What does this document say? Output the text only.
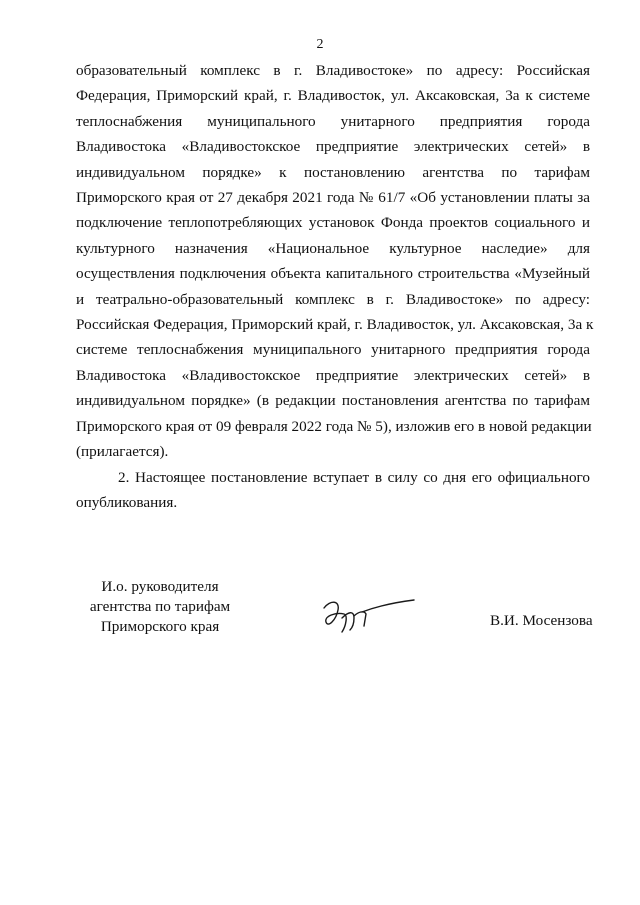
2
образовательный комплекс в г. Владивостоке» по адресу: Российская
Федерация, Приморский край, г. Владивосток, ул. Аксаковская, 3а к системе
теплоснабжения муниципального унитарного предприятия города
Владивостока «Владивостокское предприятие электрических сетей» в
индивидуальном порядке» к постановлению агентства по тарифам
Приморского края от 27 декабря 2021 года № 61/7 «Об установлении платы за
подключение теплопотребляющих установок Фонда проектов социального и
культурного назначения «Национальное культурное наследие» для
осуществления подключения объекта капитального строительства «Музейный
и театрально-образовательный комплекс в г. Владивостоке» по адресу:
Российская Федерация, Приморский край, г. Владивосток, ул. Аксаковская, 3а к
системе теплоснабжения муниципального унитарного предприятия города
Владивостока «Владивостокское предприятие электрических сетей» в
индивидуальном порядке» (в редакции постановления агентства по тарифам
Приморского края от 09 февраля 2022 года № 5), изложив его в новой редакции
(прилагается).
2. Настоящее постановление вступает в силу со дня его официального
опубликования.
И.о. руководителя
агентства по тарифам
Приморского края	В.И. Мосензова
